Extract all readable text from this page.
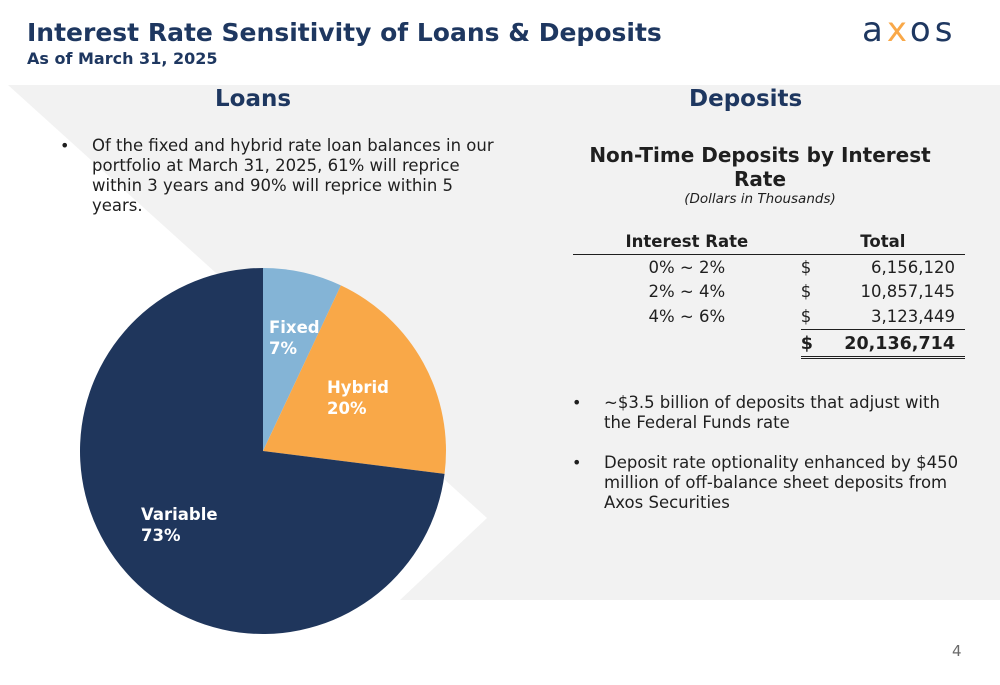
Interest Rate Sensitivity of Loans & Deposits
As of March 31, 2025
axos
Loans	Deposits
• Of the fixed and hybrid rate loan balances in our portfolio at March 31, 2025, 61% will reprice within 3 years and 90% will reprice within 5 years.
Fixed
7%
Hybrid
20%
Variable
73%
Non-Time Deposits by Interest Rate
(Dollars in Thousands)
Interest Rate	Total	
0% ~ 2%	$	6,156,120
2% ~ 4%	$	10,857,145
4% ~ 6%	$	3,123,449
	$	20,136,714
• ~$3.5 billion of deposits that adjust with the Federal Funds rate
• Deposit rate optionality enhanced by $450 million of off-balance sheet deposits from Axos Securities
4
